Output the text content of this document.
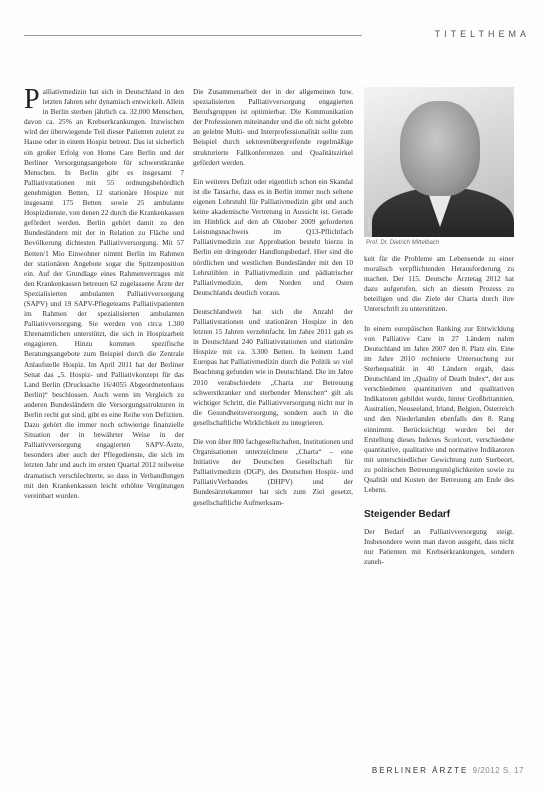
TITELTHEMA

Palliativmedizin hat sich in Deutschland in den letzten Jahren sehr dynamisch entwickelt. Allein in Berlin sterben jährlich ca. 32.000 Menschen, davon ca. 25% an Krebserkrankungen. Inzwischen wird der überwiegende Teil dieser Patienten zuletzt zu Hause oder in einem Hospiz betreut. Das ist sicherlich ein großer Erfolg von Home Care Berlin und der Berliner Versorgungsangebote für schwerstkranke Menschen. In Berlin gibt es insgesamt 7 Palliativstationen mit 55 ordnungsbehördlich genehmigten Betten, 12 stationäre Hospize mit insgesamt 175 Betten sowie 25 ambulante Hospizdienste, von denen 22 durch die Krankenkassen gefördert werden. Berlin gehört damit zu den Bundesländern mit der in Relation zu Fläche und Bevölkerung dichtesten Palliativversorgung. Mit 57 Betten/1 Mio Einwohner nimmt Berlin im Rahmen der stationären Angebote sogar die Spitzenposition ein. Auf der Grundlage eines Rahmenvertrages mit den Krankenkassen betreuen 62 zugelassene Ärzte der Spezialisierten ambulanten Palliativversorgung (SAPV) und 19 SAPV-Pflegeteams Palliativpatienten im Rahmen der spezialisierten ambulanten Palliativversorgung. Sie werden von circa 1.300 Ehrenamtlichen unterstützt, die sich in Hospizarbeit engagieren. Hinzu kommen spezifische Beratungsangebote zum Beispiel durch die Zentrale Anlaufstelle Hospiz. Im April 2011 hat der Berliner Senat das „5. Hospiz- und Palliativkonzept für das Land Berlin (Drucksache 16/4055 Abgeordnetenhaus Berlin)“ beschlossen. Auch wenn im Vergleich zu anderen Bundesländern die Versorgungsstrukturen in Berlin recht gut sind, gibt es eine Reihe von Defiziten. Dazu gehört die immer noch schwierige finanzielle Situation der in bewährter Weise in der Palliativversorgung engagierten SAPV-Ärzte, besonders aber auch der Pflegedienste, die sich im letzten Jahr und auch im ersten Quartal 2012 teilweise dramatisch verschlechterte, so dass in Verhandlungen mit den Krankenkassen leicht erhöhte Vergütungen vereinbart wurden.

Die Zusammenarbeit der in der allgemeinen bzw. spezialisierten Palliativversorgung engagierten Berufsgruppen ist optimierbar. Die Kommunikation der Professionen miteinander und die oft nicht gelebte an gelebte Multi- und Interprofessionalität sollte zum Beispiel durch sektorenübergreifende regelmäßige strukturierte Fallkonferenzen und Qualitätszirkel gefördert werden.

Ein weiteres Defizit oder eigentlich schon ein Skandal ist die Tatsache, dass es in Berlin immer noch seltene eigenen Lehrstuhl für Palliativmedizin gibt und auch keine akademische Vertretung in Aussicht ist. Gerade im Hinblick auf den ab Oktober 2009 geforderten Leistungsnachweis im Q13-Pflichtfach Palliativmedizin zur Approbation besteht hierzu in Berlin ein dringender Handlungsbedarf. Hier sind die nördlichen und westlichen Bundesländer mit den 10 Lehrstühlen in Palliativmedizin und pädiatrischer Palliativmedizin, dem Norden und Osten Deutschlands deutlich voraus.

Deutschlandweit hat sich die Anzahl der Palliativstationen und stationären Hospize in den letzten 15 Jahren verzehnfacht. Im Jahre 2011 gab es in Deutschland 240 Palliativstationen und stationäre Hospize mit ca. 3.300 Betten. In keinem Land Europas hat Palliativmedizin durch die Politik so viel Beachtung gefunden wie in Deutschland. Die im Jahre 2010 verabschiedete „Charta zur Betreuung schwerstkranker und sterbender Menschen“ gilt als wichtiger Schritt, die Palliativversorgung nicht nur in die Gesundheitsversorgung, sondern auch in die gesellschaftliche Wirklichkeit zu integrieren.

Die von über 800 fachgesellschaften, Institutionen und Organisationen unterzeichnete „Charta“ – eine Initiative der Deutschen Gesellschaft für Palliativmedizin (DGP), des Deutschen Hospiz- und PalliativVerbandes (DHPV) und der Bundesärztekammer hat sich zum Ziel gesetzt, gesellschaftliche Aufmerksam-

foto: privat
Prof. Dr. Dietrich Mittelbach

keit für die Probleme am Lebensende zu einer moralisch verpflichtenden Herausforderung zu machen. Der 115. Deutsche Ärztetag 2012 hat dazu aufgerufen, sich an diesem Prozess zu beteiligen und die Ziele der Charta durch ihre Unterschrift zu unterstützen.

In einem europäischen Ranking zur Entwicklung von Palliative Care in 27 Ländern nahm Deutschland im Jahre 2007 den 8. Platz ein. Eine im Jahre 2010 rechnierte Untersuchung zur Sterbequalität in 40 Ländern ergab, dass Deutschland im „Quality of Death Index“, der aus verschiedenen quantitativen und qualitativen Indikatoren gebildet wurde, hinter Großbritannien, Australien, Neuseeland, Irland, Belgien, Österreich und den Niederlanden ebenfalls den 8. Rang einnimmt. Berücksichtigt wurden bei der Erstellung dieses Indexes Scoricort, verschiedene quantitative, qualitative und normative Indikatoren mit unterschiedlicher Gewichtung zum Sterbeort, zu politischen Betreuungsmöglichkeiten sowie zu Qualität und Kosten der Betreuung am Ende des Lebens.

Steigender Bedarf

Der Bedarf an Palliativversorgung steigt. Insbesondere wenn man davon ausgeht, dass nicht nur Patienten mit Krebserkrankungen, sondern zuneh-

BERLINER ÄRZTE 9/2012 S. 17
